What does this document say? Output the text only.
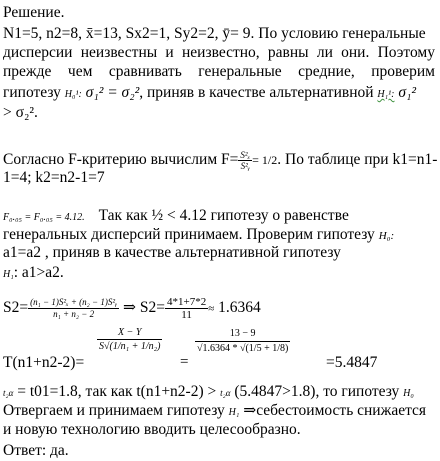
Решение.
N1=5, n2=8, x̄=13, Sx2=1, Sy2=2, ȳ= 9. По условию генеральные
дисперсии неизвестны и неизвестно, равны ли они. Поэтому
прежде чем сравнивать генеральные средние, проверим
гипотезу H₀¹: σ₁² = σ₂², приняв в качестве альтернативной H₁¹: σ₁²
> σ₂².
Согласно F-критерию вычислим $F= \frac{\text{S²ₓ}}{\text{S²ᵧ}} = 1/2$. По таблице при k1=n1-
1=4; k2=n2-1=7
F₀.₀₅ = F₀.₀₅ = 4.12. Так как ½ < 4.12 гипотезу о равенстве
генеральных дисперсий принимаем. Проверим гипотезу H₀:
a1=a2 , приняв в качестве альтернативной гипотезу
H₁: a1>a2.
$S2= \frac{\text{(n₁ − 1)S²ₓ + (n₂ − 1)S²ᵧ}}{\text{n₁ + n₂ − 2}}$ ⇒ $S2= \frac{4*1+7*2}{11} \approx 1.6364$
T(n1+n2-2)=
$\frac{X - Y}{\text{S√(1/n₁ + 1/n₂)}}$
=
$\frac{13 - 9}{√1.6364 * √(1/5 + 1/8)}$
=5.4847
t₂α = t01=1.8, так как t(n1+n2-2) > t₂α (5.4847>1.8), то гипотезу H₀
Отвергаем и принимаем гипотезу H₁ ⇒себестоимость снижается
и новую технологию вводить целесообразно.
Ответ: да.
